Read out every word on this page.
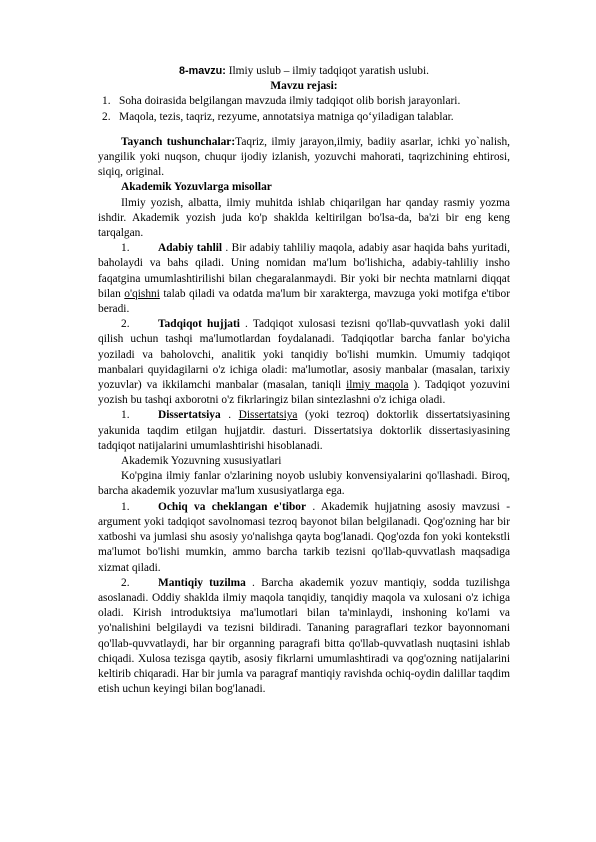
8-mavzu: Ilmiy uslub – ilmiy tadqiqot yaratish uslubi.

Mavzu rejasi:

1. Soha doirasida belgilangan mavzuda ilmiy tadqiqot olib borish jarayonlari.
2. Maqola, tezis, taqriz, rezyume, annotatsiya matniga qo‘yiladigan talablar.

Tayanch tushunchalar:Taqriz, ilmiy jarayon,ilmiy, badiiy asarlar, ichki yo`nalish, yangilik yoki nuqson, chuqur ijodiy izlanish, yozuvchi mahorati, taqrizchining ehtirosi, siqiq, original.

Akademik Yozuvlarga misollar

Ilmiy yozish, albatta, ilmiy muhitda ishlab chiqarilgan har qanday rasmiy yozma ishdir. Akademik yozish juda ko'p shaklda keltirilgan bo'lsa-da, ba'zi bir eng keng tarqalgan.

1. Adabiy tahlil . Bir adabiy tahliliy maqola, adabiy asar haqida bahs yuritadi, baholaydi va bahs qiladi. Uning nomidan ma'lum bo'lishicha, adabiy-tahliliy insho faqatgina umumlashtirilishi bilan chegaralanmaydi. Bir yoki bir nechta matnlarni diqqat bilan o'qishni talab qiladi va odatda ma'lum bir xarakterga, mavzuga yoki motifga e'tibor beradi.

2. Tadqiqot hujjati . Tadqiqot xulosasi tezisni qo'llab-quvvatlash yoki dalil qilish uchun tashqi ma'lumotlardan foydalanadi. Tadqiqotlar barcha fanlar bo'yicha yoziladi va baholovchi, analitik yoki tanqidiy bo'lishi mumkin. Umumiy tadqiqot manbalari quyidagilarni o'z ichiga oladi: ma'lumotlar, asosiy manbalar (masalan, tarixiy yozuvlar) va ikkilamchi manbalar (masalan, taniqli ilmiy maqola ). Tadqiqot yozuvini yozish bu tashqi axborotni o'z fikrlaringiz bilan sintezlashni o'z ichiga oladi.

1. Dissertatsiya . Dissertatsiya (yoki tezroq) doktorlik dissertatsiyasining yakunida taqdim etilgan hujjatdir. dasturi. Dissertatsiya doktorlik dissertasiyasining tadqiqot natijalarini umumlashtirishi hisoblanadi.

Akademik Yozuvning xususiyatlari

Ko'pgina ilmiy fanlar o'zlarining noyob uslubiy konvensiyalarini qo'llashadi. Biroq, barcha akademik yozuvlar ma'lum xususiyatlarga ega.

1. Ochiq va cheklangan e'tibor . Akademik hujjatning asosiy mavzusi - argument yoki tadqiqot savolnomasi tezroq bayonot bilan belgilanadi. Qog'ozning har bir xatboshi va jumlasi shu asosiy yo'nalishga qayta bog'lanadi. Qog'ozda fon yoki kontekstli ma'lumot bo'lishi mumkin, ammo barcha tarkib tezisni qo'llab-quvvatlash maqsadiga xizmat qiladi.

2. Mantiqiy tuzilma . Barcha akademik yozuv mantiqiy, sodda tuzilishga asoslanadi. Oddiy shaklda ilmiy maqola tanqidiy, tanqidiy maqola va xulosani o'z ichiga oladi. Kirish introduktsiya ma'lumotlari bilan ta'minlaydi, inshoning ko'lami va yo'nalishini belgilaydi va tezisni bildiradi. Tananing paragraflari tezkor bayonnomani qo'llab-quvvatlaydi, har bir organning paragrafi bitta qo'llab-quvvatlash nuqtasini ishlab chiqadi. Xulosa tezisga qaytib, asosiy fikrlarni umumlashtiradi va qog'ozning natijalarini keltirib chiqaradi. Har bir jumla va paragraf mantiqiy ravishda ochiq-oydin dalillar taqdim etish uchun keyingi bilan bog'lanadi.
